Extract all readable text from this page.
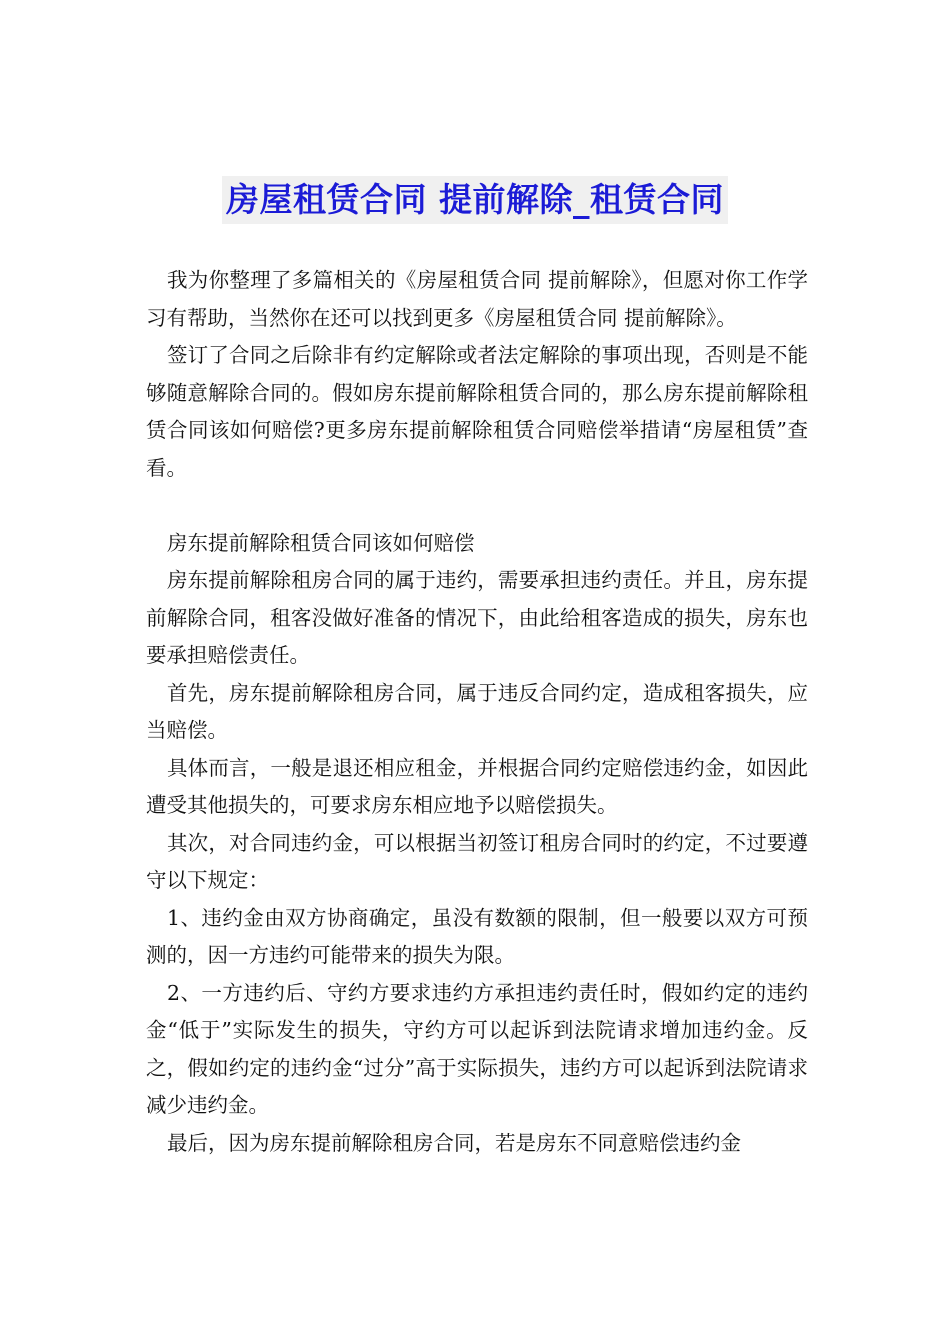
房屋租赁合同 提前解除_租赁合同

我为你整理了多篇相关的《房屋租赁合同 提前解除》，但愿对你工作学习有帮助，当然你在还可以找到更多《房屋租赁合同 提前解除》。

签订了合同之后除非有约定解除或者法定解除的事项出现，否则是不能够随意解除合同的。假如房东提前解除租赁合同的，那么房东提前解除租赁合同该如何赔偿?更多房东提前解除租赁合同赔偿举措请“房屋租赁”查看。

房东提前解除租赁合同该如何赔偿

房东提前解除租房合同的属于违约，需要承担违约责任。并且，房东提前解除合同，租客没做好准备的情况下，由此给租客造成的损失，房东也要承担赔偿责任。

首先，房东提前解除租房合同，属于违反合同约定，造成租客损失，应当赔偿。

具体而言，一般是退还相应租金，并根据合同约定赔偿违约金，如因此遭受其他损失的，可要求房东相应地予以赔偿损失。

其次，对合同违约金，可以根据当初签订租房合同时的约定，不过要遵守以下规定：

1、违约金由双方协商确定，虽没有数额的限制，但一般要以双方可预测的，因一方违约可能带来的损失为限。

2、一方违约后、守约方要求违约方承担违约责任时，假如约定的违约金“低于”实际发生的损失，守约方可以起诉到法院请求增加违约金。反之，假如约定的违约金“过分”高于实际损失，违约方可以起诉到法院请求减少违约金。

最后，因为房东提前解除租房合同，若是房东不同意赔偿违约金
